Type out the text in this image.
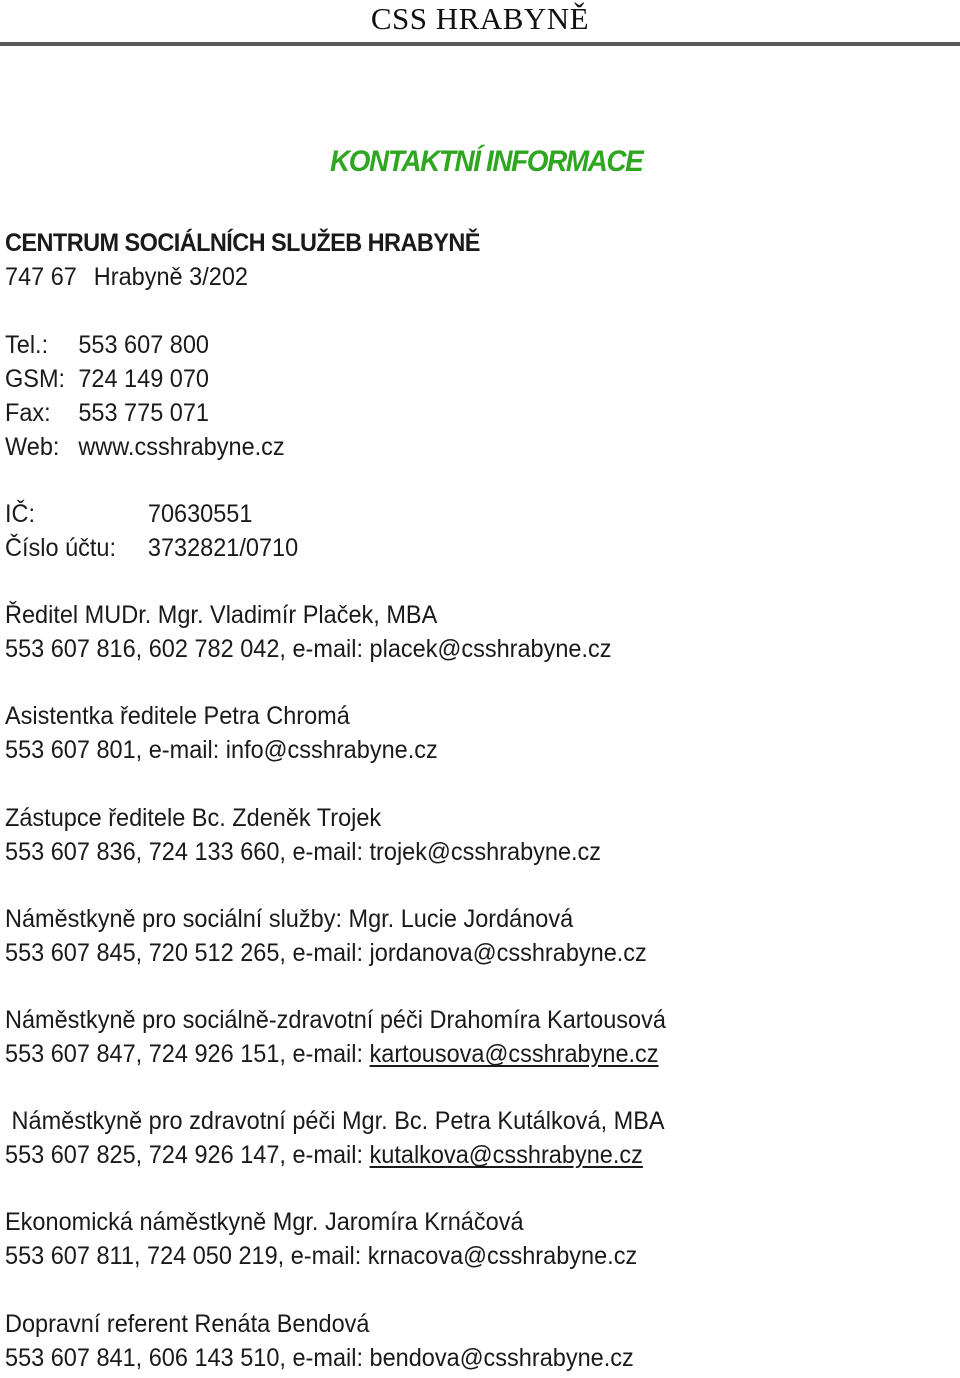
CSS HRABYNĚ
KONTAKTNÍ INFORMACE
CENTRUM SOCIÁLNÍCH SLUŽEB HRABYNĚ
747 67 Hrabyně 3/202
Tel.: 553 607 800
GSM: 724 149 070
Fax: 553 775 071
Web: www.csshrabyne.cz
IČ:	70630551
Číslo účtu: 3732821/0710
Ředitel MUDr. Mgr. Vladimír Plaček, MBA
553 607 816, 602 782 042, e-mail: placek@csshrabyne.cz
Asistentka ředitele Petra Chromá
553 607 801, e-mail: info@csshrabyne.cz
Zástupce ředitele Bc. Zdeněk Trojek
553 607 836, 724 133 660, e-mail: trojek@csshrabyne.cz
Náměstkyně pro sociální služby: Mgr. Lucie Jordánová
553 607 845, 720 512 265, e-mail: jordanova@csshrabyne.cz
Náměstkyně pro sociálně-zdravotní péči Drahomíra Kartousová
553 607 847, 724 926 151, e-mail: kartousova@csshrabyne.cz
Náměstkyně pro zdravotní péči Mgr. Bc. Petra Kutálková, MBA
553 607 825, 724 926 147, e-mail: kutalkova@csshrabyne.cz
Ekonomická náměstkyně Mgr. Jaromíra Krnáčová
553 607 811, 724 050 219, e-mail: krnacova@csshrabyne.cz
Dopravní referent Renáta Bendová
553 607 841, 606 143 510, e-mail: bendova@csshrabyne.cz
